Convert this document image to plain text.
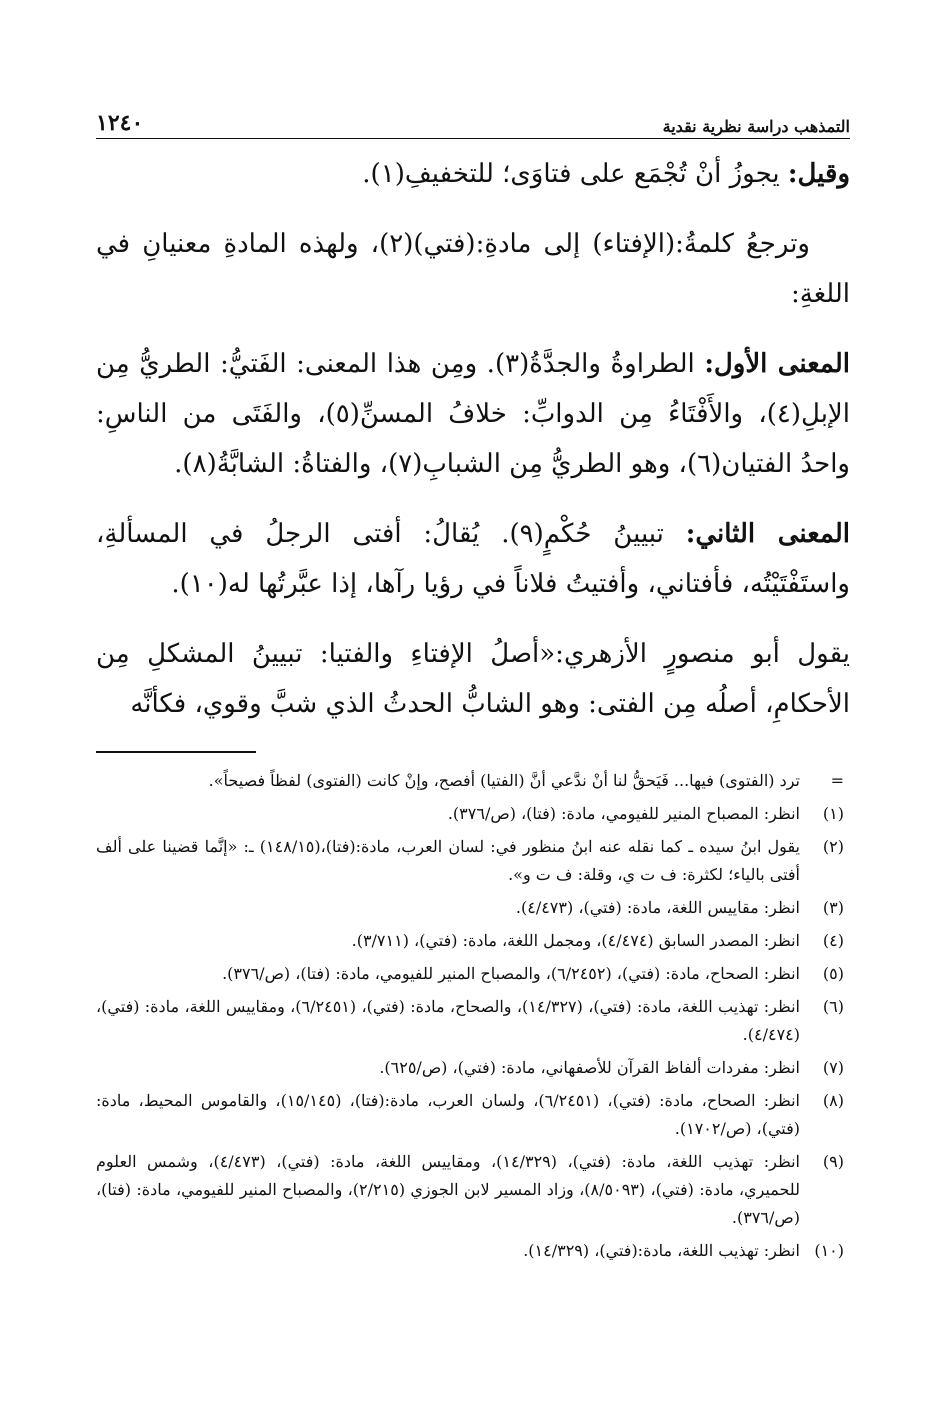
التمذهب دراسة نظرية نقدية
١٢٤٠

وقيل: يجوزُ أنْ تُجْمَع على فتاوَى؛ للتخفيفِ(١).

وترجعُ كلمةُ:(الإفتاء) إلى مادةِ:(فتي)(٢)، ولهذه المادةِ معنيانِ في اللغةِ:

المعنى الأول: الطراوةُ والجدَّةُ(٣). ومِن هذا المعنى: الفَتيُّ: الطريُّ مِن الإبلِ(٤)، والأَفْتَاءُ مِن الدوابِّ: خلافُ المسنِّ(٥)، والفَتَى من الناسِ: واحدُ الفتيان(٦)، وهو الطريُّ مِن الشبابِ(٧)، والفتاةُ: الشابَّةُ(٨).

المعنى الثاني: تبيينُ حُكْمٍ(٩). يُقالُ: أفتى الرجلُ في المسألةِ، واستَفْتَيْتُه، فأفتاني، وأفتيتُ فلاناً في رؤيا رآها، إذا عبَّرتُها له(١٠).

يقول أبو منصورٍ الأزهري:«أصلُ الإفتاءِ والفتيا: تبيينُ المشكلِ مِن الأحكامِ، أصلُه مِن الفتى: وهو الشابُّ الحدثُ الذي شبَّ وقوي، فكأنَّه

=
ترد (الفتوى) فيها... فَيَحقُّ لنا أنْ ندَّعي أنَّ (الفتيا) أفصح، وإنْ كانت (الفتوى) لفظاً فصيحاً».
(١)
انظر: المصباح المنير للفيومي، مادة: (فتا)، (ص/٣٧٦).
(٢)
يقول ابنُ سيده ـ كما نقله عنه ابنُ منظور في: لسان العرب، مادة:(فتا)،(١٤٨/١٥) ـ: «إنَّما قضينا على ألف أفتى بالياء؛ لكثرة: ف ت ي، وقلة: ف ت و».
(٣)
انظر: مقاييس اللغة، مادة: (فتي)، (٤/٤٧٣).
(٤)
انظر: المصدر السابق (٤/٤٧٤)، ومجمل اللغة، مادة: (فتي)، (٣/٧١١).
(٥)
انظر: الصحاح، مادة: (فتي)، (٦/٢٤٥٢)، والمصباح المنير للفيومي، مادة: (فتا)، (ص/٣٧٦).
(٦)
انظر: تهذيب اللغة، مادة: (فتي)، (١٤/٣٢٧)، والصحاح، مادة: (فتي)، (٦/٢٤٥١)، ومقاييس اللغة، مادة: (فتي)، (٤/٤٧٤).
(٧)
انظر: مفردات ألفاظ القرآن للأصفهاني، مادة: (فتي)، (ص/٦٢٥).
(٨)
انظر: الصحاح، مادة: (فتي)، (٦/٢٤٥١)، ولسان العرب، مادة:(فتا)، (١٥/١٤٥)، والقاموس المحيط، مادة: (فتي)، (ص/١٧٠٢).
(٩)
انظر: تهذيب اللغة، مادة: (فتي)، (١٤/٣٢٩)، ومقاييس اللغة، مادة: (فتي)، (٤/٤٧٣)، وشمس العلوم للحميري، مادة: (فتي)، (٨/٥٠٩٣)، وزاد المسير لابن الجوزي (٢/٢١٥)، والمصباح المنير للفيومي، مادة: (فتا)، (ص/٣٧٦).
(١٠)
انظر: تهذيب اللغة، مادة:(فتي)، (١٤/٣٢٩).
